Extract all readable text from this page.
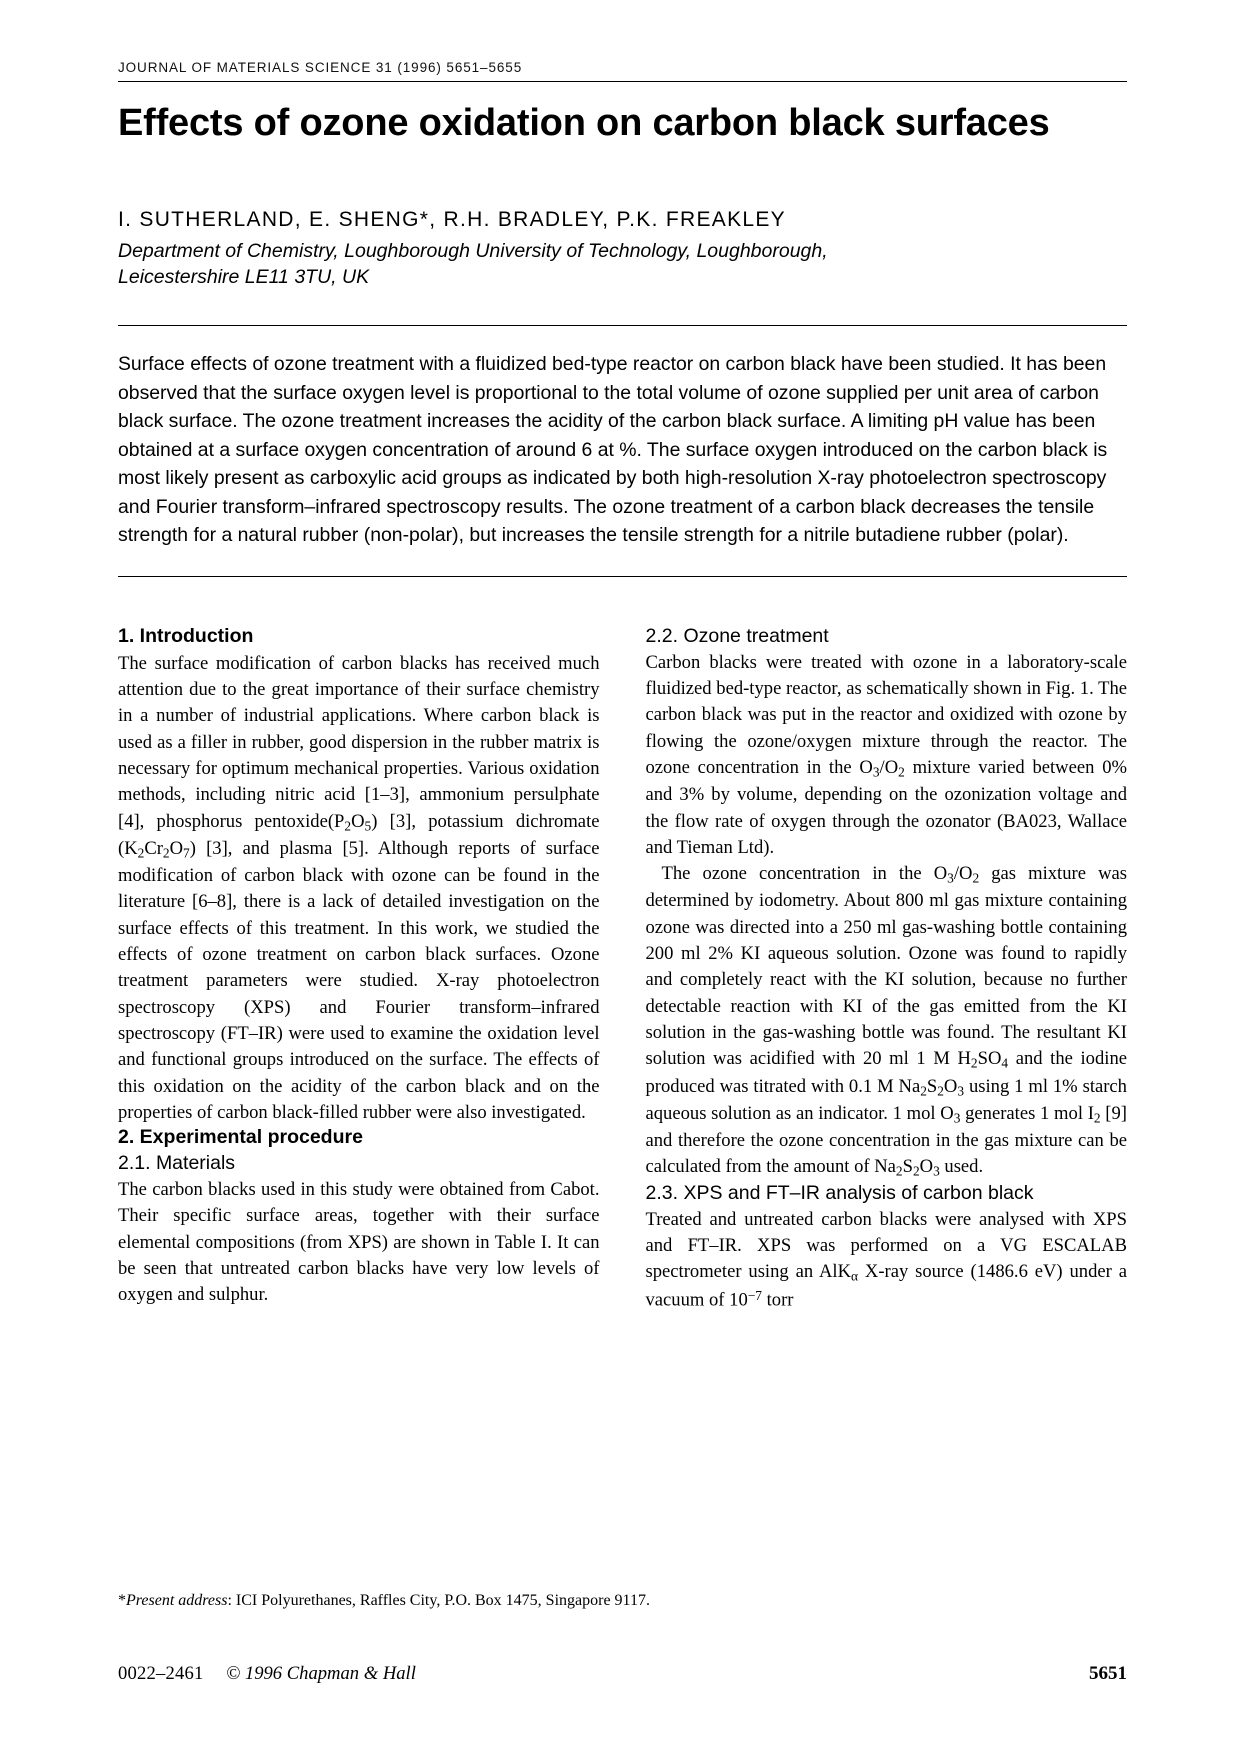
JOURNAL OF MATERIALS SCIENCE 31 (1996) 5651–5655
Effects of ozone oxidation on carbon black surfaces
I. SUTHERLAND, E. SHENG*, R.H. BRADLEY, P.K. FREAKLEY
Department of Chemistry, Loughborough University of Technology, Loughborough,
Leicestershire LE11 3TU, UK
Surface effects of ozone treatment with a fluidized bed-type reactor on carbon black have been studied. It has been observed that the surface oxygen level is proportional to the total volume of ozone supplied per unit area of carbon black surface. The ozone treatment increases the acidity of the carbon black surface. A limiting pH value has been obtained at a surface oxygen concentration of around 6 at %. The surface oxygen introduced on the carbon black is most likely present as carboxylic acid groups as indicated by both high-resolution X-ray photoelectron spectroscopy and Fourier transform–infrared spectroscopy results. The ozone treatment of a carbon black decreases the tensile strength for a natural rubber (non-polar), but increases the tensile strength for a nitrile butadiene rubber (polar).
1. Introduction

The surface modification of carbon blacks has received much attention due to the great importance of their surface chemistry in a number of industrial applications. Where carbon black is used as a filler in rubber, good dispersion in the rubber matrix is necessary for optimum mechanical properties. Various oxidation methods, including nitric acid [1–3], ammonium persulphate [4], phosphorus $pentoxide(P_2O_5)$ [3], potassium dichromate $(K_2Cr_2O_7)$ [3], and plasma [5]. Although reports of surface modification of carbon black with ozone can be found in the literature [6–8], there is a lack of detailed investigation on the surface effects of this treatment. In this work, we studied the effects of ozone treatment on carbon black surfaces. Ozone treatment parameters were studied. X-ray photoelectron spectroscopy (XPS) and Fourier transform–infrared spectroscopy (FT–IR) were used to examine the oxidation level and functional groups introduced on the surface. The effects of this oxidation on the acidity of the carbon black and on the properties of carbon black-filled rubber were also investigated.

2. Experimental procedure
2.1. Materials

The carbon blacks used in this study were obtained from Cabot. Their specific surface areas, together with their surface elemental compositions (from XPS) are shown in Table I. It can be seen that untreated carbon blacks have very low levels of oxygen and sulphur.

2.2. Ozone treatment

Carbon blacks were treated with ozone in a laboratory-scale fluidized bed-type reactor, as schematically shown in Fig. 1. The carbon black was put in the reactor and oxidized with ozone by flowing the ozone/oxygen mixture through the reactor. The ozone concentration in the $O_3/O_2$ mixture varied between 0% and 3% by volume, depending on the ozonization voltage and the flow rate of oxygen through the ozonator (BA023, Wallace and Tieman Ltd).

The ozone concentration in the $O_3/O_2$ gas mixture was determined by iodometry. About 800 ml gas mixture containing ozone was directed into a 250 ml gas-washing bottle containing 200 ml 2% KI aqueous solution. Ozone was found to rapidly and completely react with the KI solution, because no further detectable reaction with KI of the gas emitted from the KI solution in the gas-washing bottle was found. The resultant KI solution was acidified with 20 ml 1 M $H_2SO_4$ and the iodine produced was titrated with 0.1 M $Na_2S_2O_3$ using 1 ml 1% starch aqueous solution as an indicator. 1 mol $O_3$ generates 1 mol $I_2$ [9] and therefore the ozone concentration in the gas mixture can be calculated from the amount of $Na_2S_2O_3$ used.

2.3. XPS and FT–IR analysis of carbon black

Treated and untreated carbon blacks were analysed with XPS and FT–IR. XPS was performed on a VG ESCALAB spectrometer using an AlK$_\alpha$ X-ray source (1486.6 eV) under a vacuum of $10^{-7}$ torr

*Present address: ICI Polyurethanes, Raffles City, P.O. Box 1475, Singapore 9117.
0022–2461 © 1996 Chapman & Hall	5651
